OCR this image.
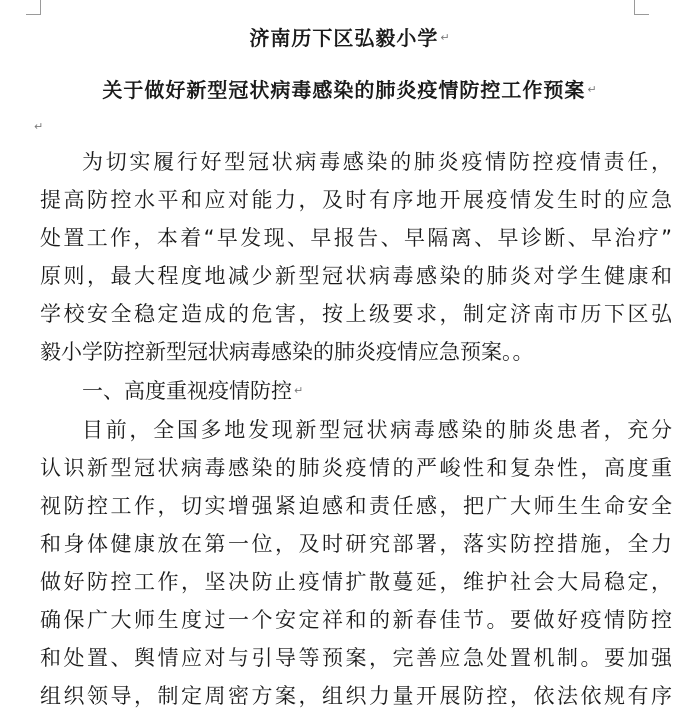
济南历下区弘毅小学 ↵
关于做好新型冠状病毒感染的肺炎疫情防控工作预案 ↵
↵
为切实履行好型冠状病毒感染的肺炎疫情防控疫情责任，
提高防控水平和应对能力，及时有序地开展疫情发生时的应急
处置工作，本着“早发现、早报告、早隔离、早诊断、早治疗”
原则，最大程度地减少新型冠状病毒感染的肺炎对学生健康和
学校安全稳定造成的危害，按上级要求，制定济南市历下区弘
毅小学防控新型冠状病毒感染的肺炎疫情应急预案。。
一、高度重视疫情防控 ↵
目前，全国多地发现新型冠状病毒感染的肺炎患者，充分
认识新型冠状病毒感染的肺炎疫情的严峻性和复杂性，高度重
视防控工作，切实增强紧迫感和责任感，把广大师生生命安全
和身体健康放在第一位，及时研究部署，落实防控措施，全力
做好防控工作，坚决防止疫情扩散蔓延，维护社会大局稳定，
确保广大师生度过一个安定祥和的新春佳节。要做好疫情防控
和处置、舆情应对与引导等预案，完善应急处置机制。要加强
组织领导，制定周密方案，组织力量开展防控，依法依规有序
